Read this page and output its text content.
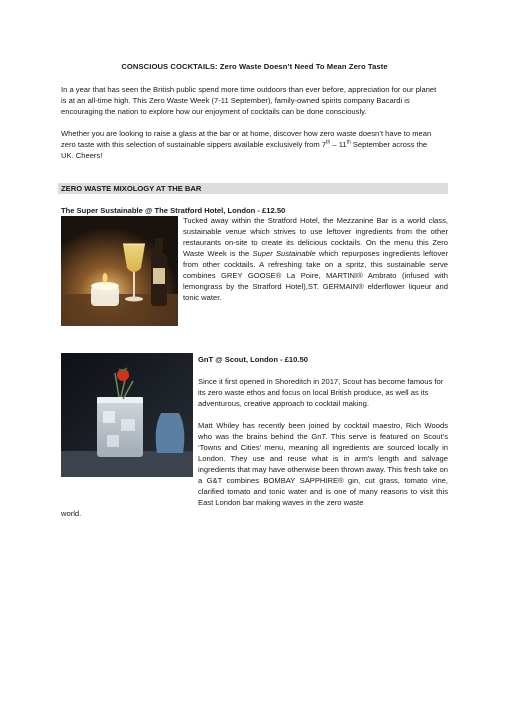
CONSCIOUS COCKTAILS: Zero Waste Doesn’t Need To Mean Zero Taste
In a year that has seen the British public spend more time outdoors than ever before, appreciation for our planet is at an all-time high. This Zero Waste Week (7-11 September), family-owned spirits company Bacardi is encouraging the nation to explore how our enjoyment of cocktails can be done consciously.
Whether you are looking to raise a glass at the bar or at home, discover how zero waste doesn’t have to mean zero taste with this selection of sustainable sippers available exclusively from 7th – 11th September across the UK. Cheers!
ZERO WASTE MIXOLOGY AT THE BAR
The Super Sustainable @ The Stratford Hotel, London - £12.50
Tucked away within the Stratford Hotel, the Mezzanine Bar is a world class, sustainable venue which strives to use leftover ingredients from the other restaurants on-site to create its delicious cocktails. On the menu this Zero Waste Week is the Super Sustainable which repurposes ingredients leftover from other cocktails. A refreshing take on a spritz, this sustainable serve combines GREY GOOSE® La Poire, MARTINI® Ambrato (infused with lemongrass by the Stratford Hotel),ST. GERMAIN® elderflower liqueur and tonic water.
GnT @ Scout, London - £10.50
Since it first opened in Shoreditch in 2017, Scout has become famous for its zero waste ethos and focus on local British produce, as well as its adventurous, creative approach to cocktail making.
Matt Whiley has recently been joined by cocktail maestro, Rich Woods who was the brains behind the GnT. This serve is featured on Scout’s ‘Towns and Cities’ menu, meaning all ingredients are sourced locally in London. They use and reuse what is in arm’s length and salvage ingredients that may have otherwise been thrown away. This fresh take on a G&T combines BOMBAY SAPPHIRE® gin, cut grass, tomato vine, clarified tomato and tonic water and is one of many reasons to visit this East London bar making waves in the zero waste
world.
